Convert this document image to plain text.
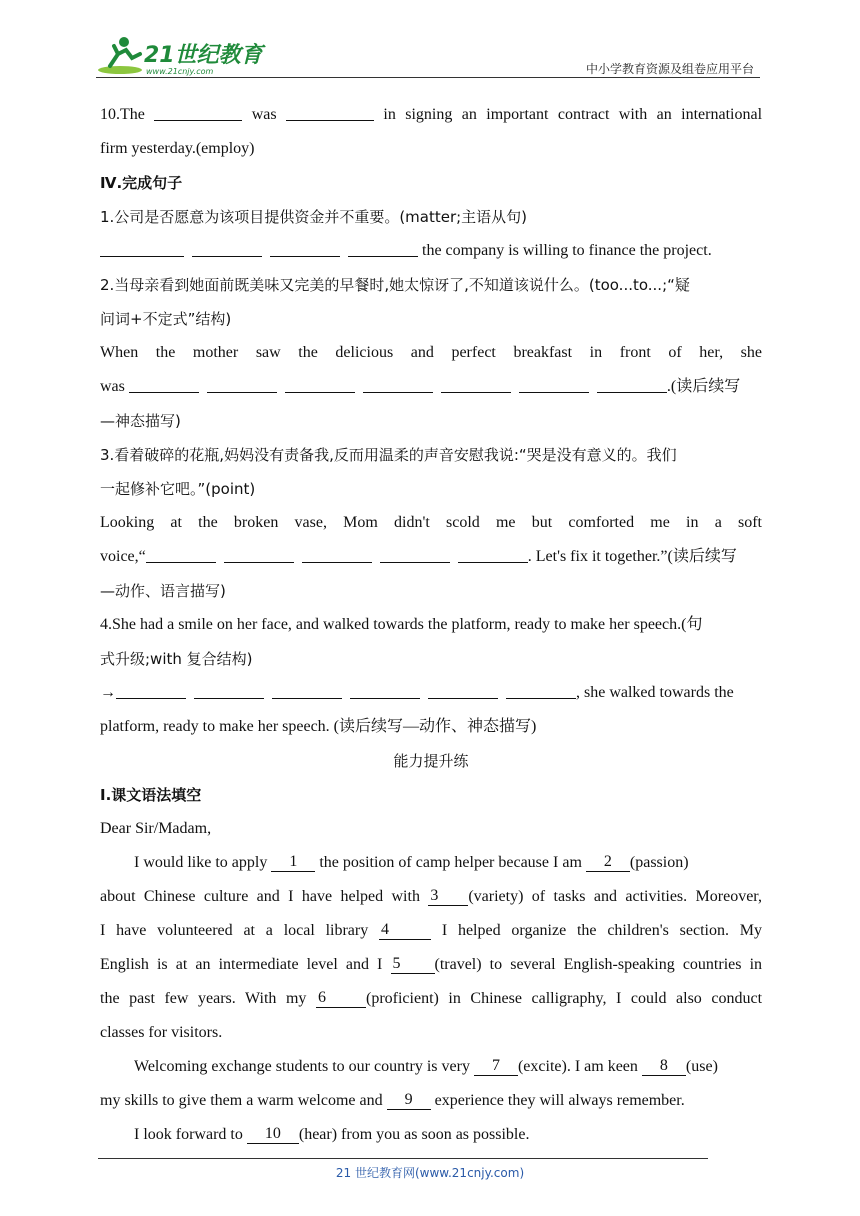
21世纪教育
www.21cnjy.com	中小学教育资源及组卷应用平台
10.The	was	in signing an important contract with an international
firm yesterday.(employ)
Ⅳ.完成句子
1.公司是否愿意为该项目提供资金并不重要。(matter;主语从句)
the company is willing to finance the project.
2.当母亲看到她面前既美味又完美的早餐时,她太惊讶了,不知道该说什么。(too...to...;“疑
问词+不定式”结构)
When the mother saw the delicious and perfect breakfast in front of her, she
was	.(读后续写
—神态描写)
3.看着破碎的花瓶,妈妈没有责备我,反而用温柔的声音安慰我说:“哭是没有意义的。我们
一起修补它吧。”(point)
Looking at the broken vase, Mom didn't scold me but comforted me in a soft
voice,“	. Let's fix it together.”(读后续写
—动作、语言描写)
4.She had a smile on her face, and walked towards the platform, ready to make her speech.(句
式升级;with 复合结构)
→	, she walked towards the
platform, ready to make her speech. (读后续写—动作、神态描写)
能力提升练
Ⅰ.课文语法填空
Dear Sir/Madam,
I would like to apply 1 the position of camp helper because I am 2 (passion)
about Chinese culture and I have helped with 3 (variety) of tasks and activities. Moreover,
I have volunteered at a local library 4	I helped organize the children's section. My
English is at an intermediate level and I 5 (travel) to several English-speaking countries in
the past few years. With my 6	(proficient) in Chinese calligraphy, I could also conduct
classes for visitors.
Welcoming exchange students to our country is very 7 (excite). I am keen 8 (use)
my skills to give them a warm welcome and 9 experience they will always remember.
I look forward to 10 (hear) from you as soon as possible.
21 世纪教育网(www.21cnjy.com)
